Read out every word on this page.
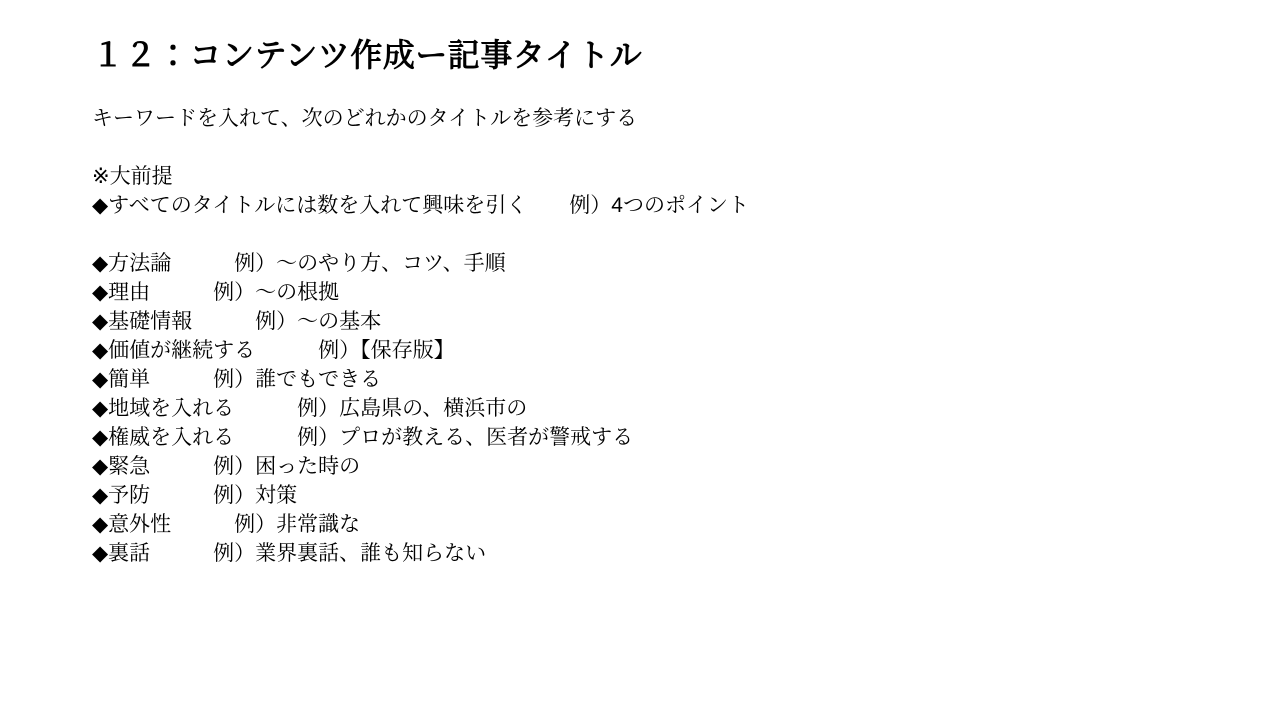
１２：コンテンツ作成ー記事タイトル
キーワードを入れて、次のどれかのタイトルを参考にする
※大前提
◆すべてのタイトルには数を入れて興味を引く　　例）4つのポイント
◆方法論　　　例）～のやり方、コツ、手順
◆理由　　　例）～の根拠
◆基礎情報　　　例）～の基本
◆価値が継続する　　　例）【保存版】
◆簡単　　　例）誰でもできる
◆地域を入れる　　　例）広島県の、横浜市の
◆権威を入れる　　　例）プロが教える、医者が警戒する
◆緊急　　　例）困った時の
◆予防　　　例）対策
◆意外性　　　例）非常識な
◆裏話　　　例）業界裏話、誰も知らない
